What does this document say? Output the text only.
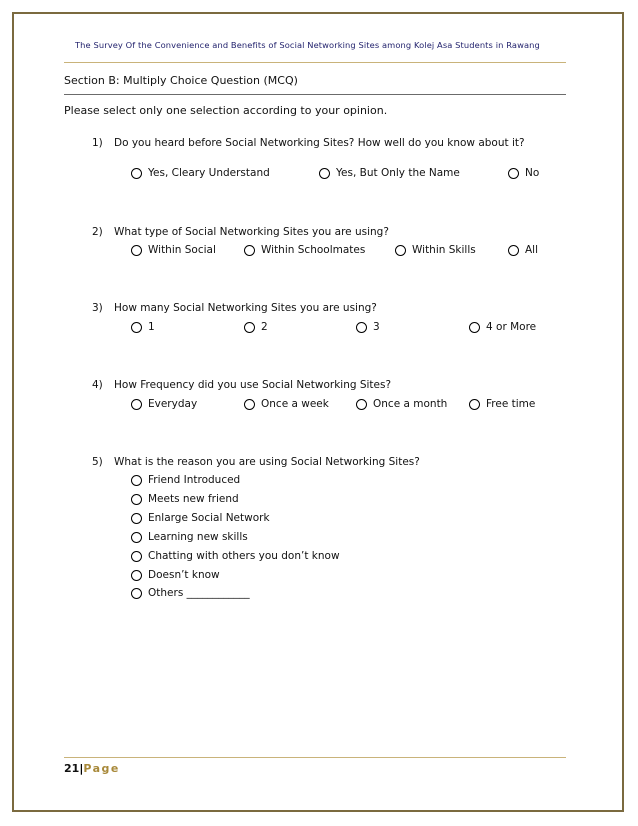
The Survey Of the Convenience and Benefits of Social Networking Sites among Kolej Asa Students in Rawang
Section B: Multiply Choice Question (MCQ)
Please select only one selection according to your opinion.
1) Do you heard before Social Networking Sites? How well do you know about it?
Yes, Cleary Understand	Yes, But Only the Name	No
2) What type of Social Networking Sites you are using?
Within Social	Within Schoolmates	Within Skills	All
3) How many Social Networking Sites you are using?
1	2	3	4 or More
4) How Frequency did you use Social Networking Sites?
Everyday	Once a week	Once a month	Free time
5) What is the reason you are using Social Networking Sites?
Friend Introduced
Meets new friend
Enlarge Social Network
Learning new skills
Chatting with others you don’t know
Doesn’t know
Others ____________
21|Page
